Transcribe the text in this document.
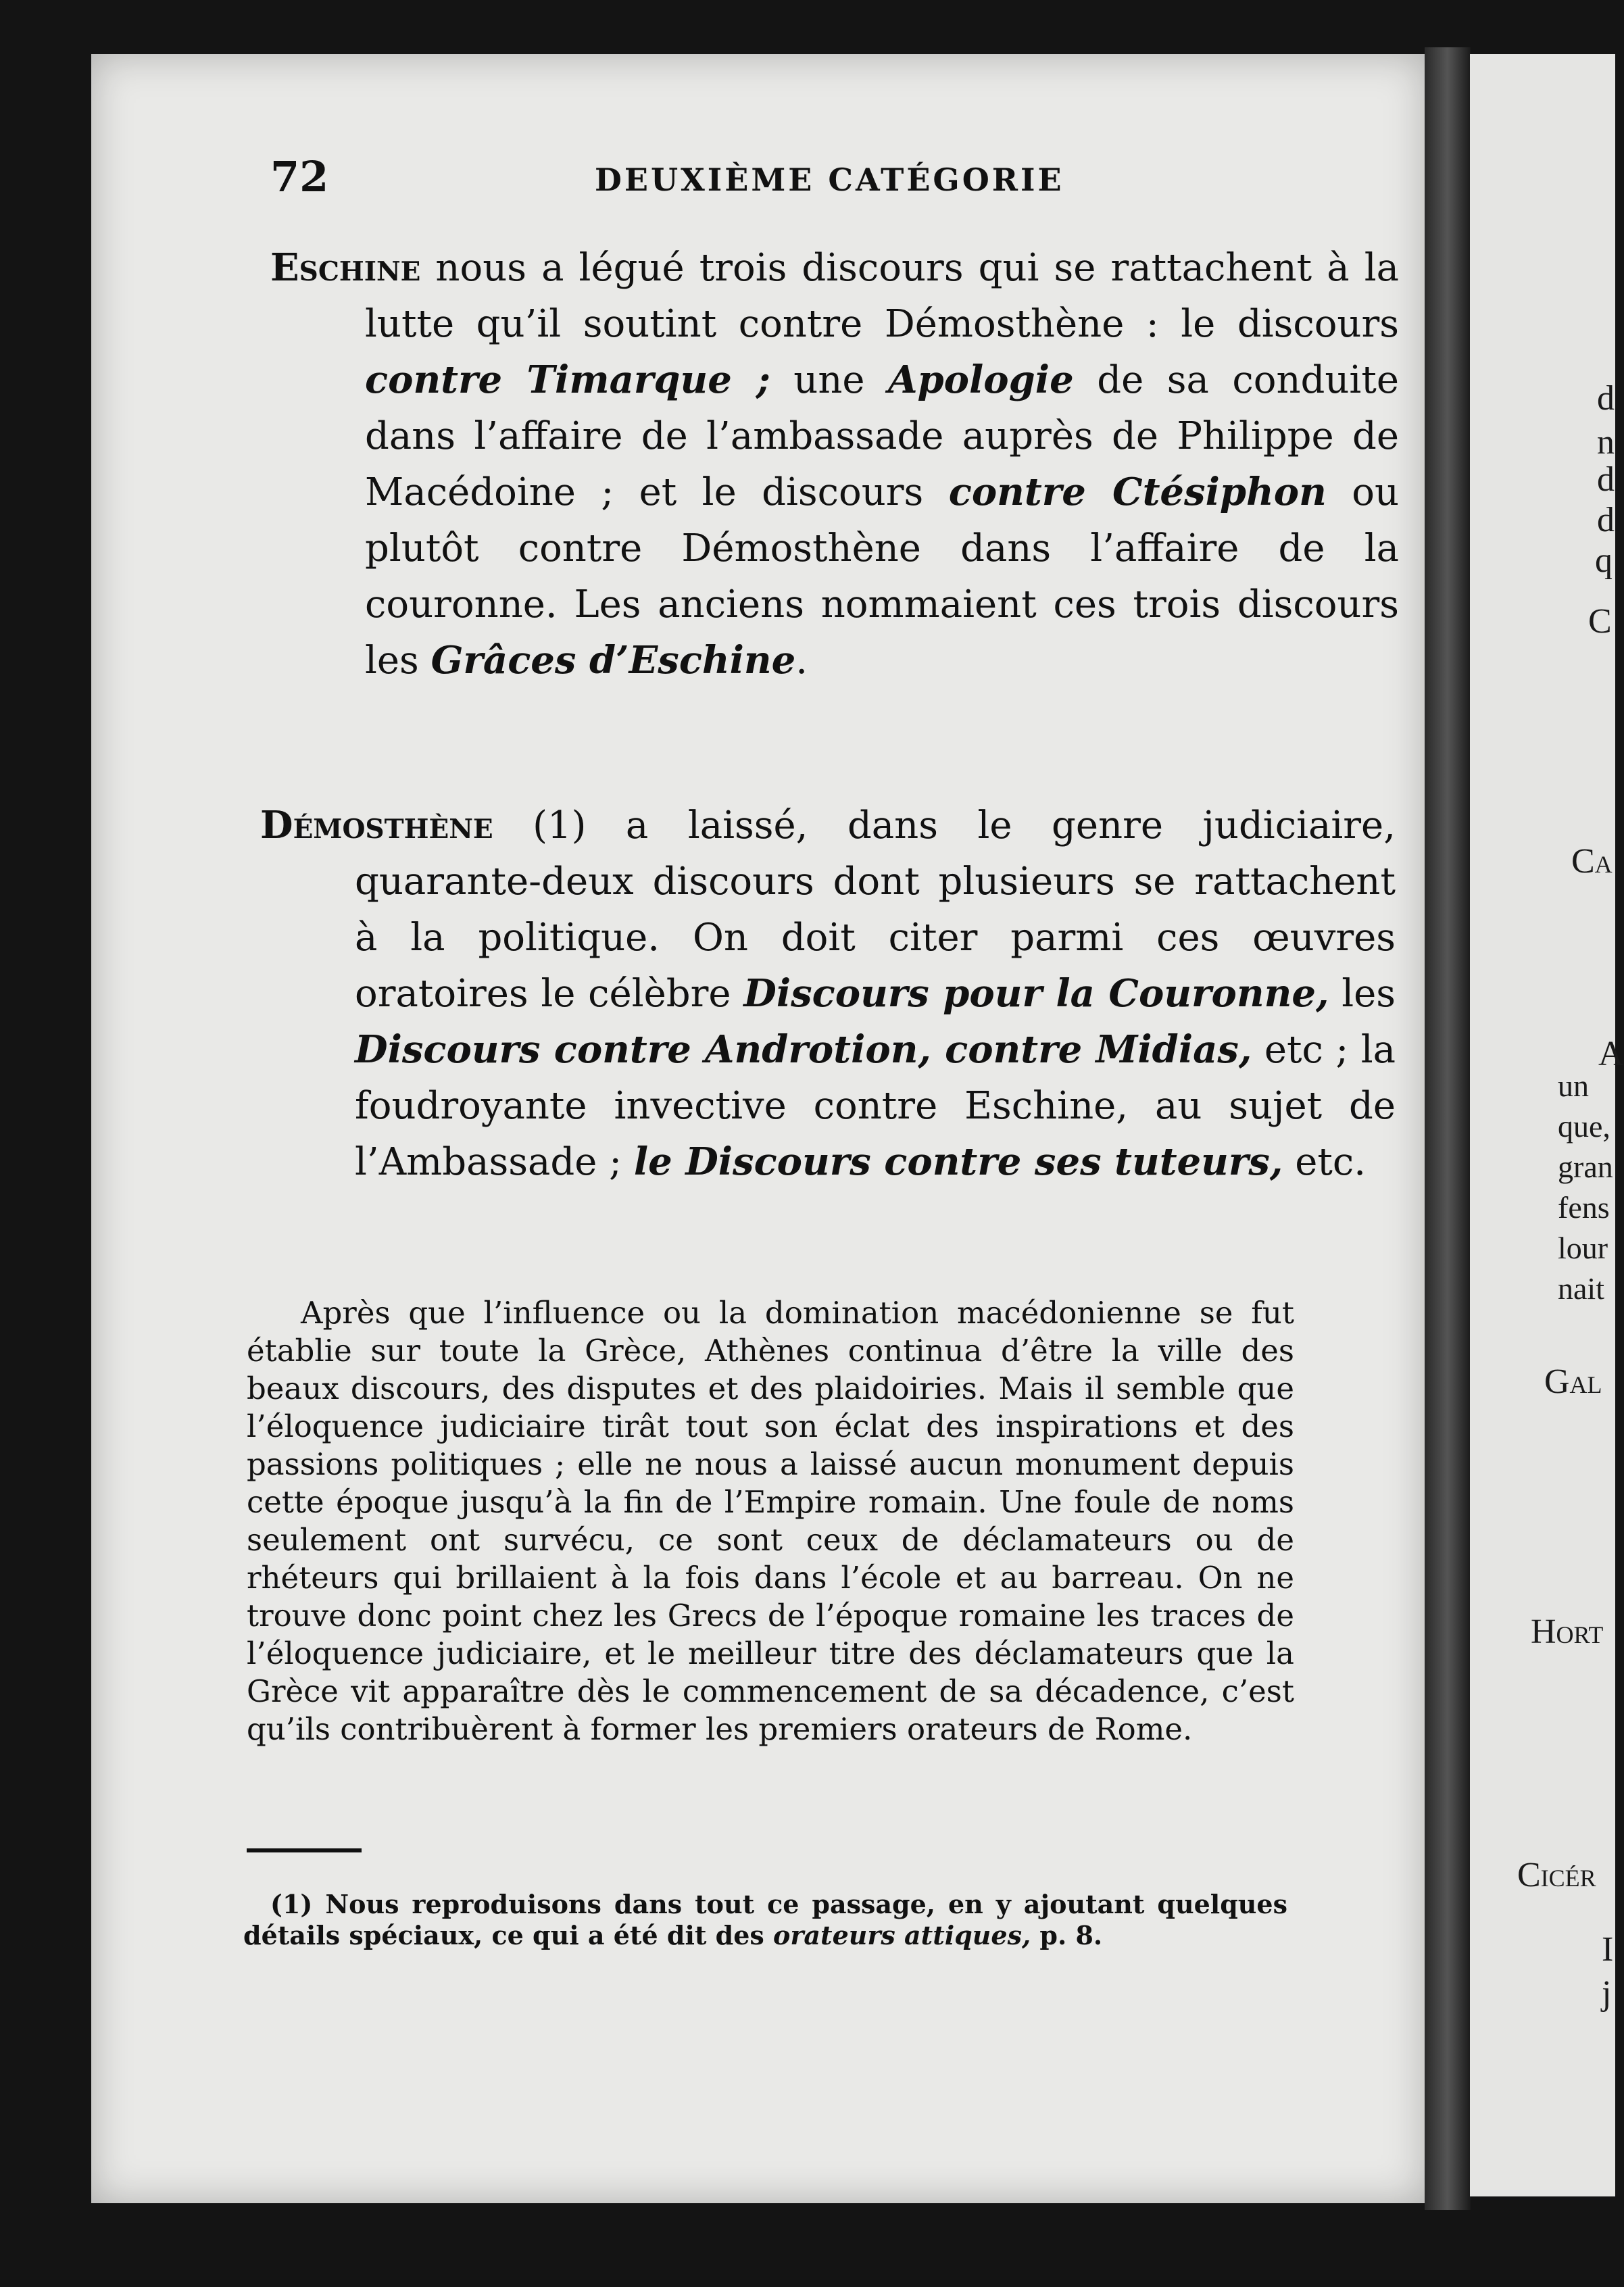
d
n
d
d
q
C
Ca
A
un
que,
gran
fens
lour
nait
Gal
Hort
Cicér
I
j
72	DEUXIÈME CATÉGORIE

Eschine nous a légué trois discours qui se rattachent à la lutte qu’il soutint contre Démosthène : le discours contre Timarque ; une Apologie de sa conduite dans l’affaire de l’ambassade auprès de Philippe de Macédoine ; et le discours contre Ctésiphon ou plutôt contre Démosthène dans l’affaire de la couronne. Les anciens nommaient ces trois discours les Grâces d’Eschine.

Démosthène (1) a laissé, dans le genre judiciaire, quarante-deux discours dont plusieurs se rattachent à la politique. On doit citer parmi ces œuvres oratoires le célèbre Discours pour la Couronne, les Discours contre Androtion, contre Midias, etc ; la foudroyante invective contre Eschine, au sujet de l’Ambassade ; le Discours contre ses tuteurs, etc.

Après que l’influence ou la domination macédonienne se fut établie sur toute la Grèce, Athènes continua d’être la ville des beaux discours, des disputes et des plaidoiries. Mais il semble que l’éloquence judiciaire tirât tout son éclat des inspirations et des passions politiques ; elle ne nous a laissé aucun monument depuis cette époque jusqu’à la fin de l’Empire romain. Une foule de noms seulement ont survécu, ce sont ceux de déclamateurs ou de rhéteurs qui brillaient à la fois dans l’école et au barreau. On ne trouve donc point chez les Grecs de l’époque romaine les traces de l’éloquence judiciaire, et le meilleur titre des déclamateurs que la Grèce vit apparaître dès le commencement de sa décadence, c’est qu’ils contribuèrent à former les premiers orateurs de Rome.

(1) Nous reproduisons dans tout ce passage, en y ajoutant quelques détails spéciaux, ce qui a été dit des orateurs attiques, p. 8.
